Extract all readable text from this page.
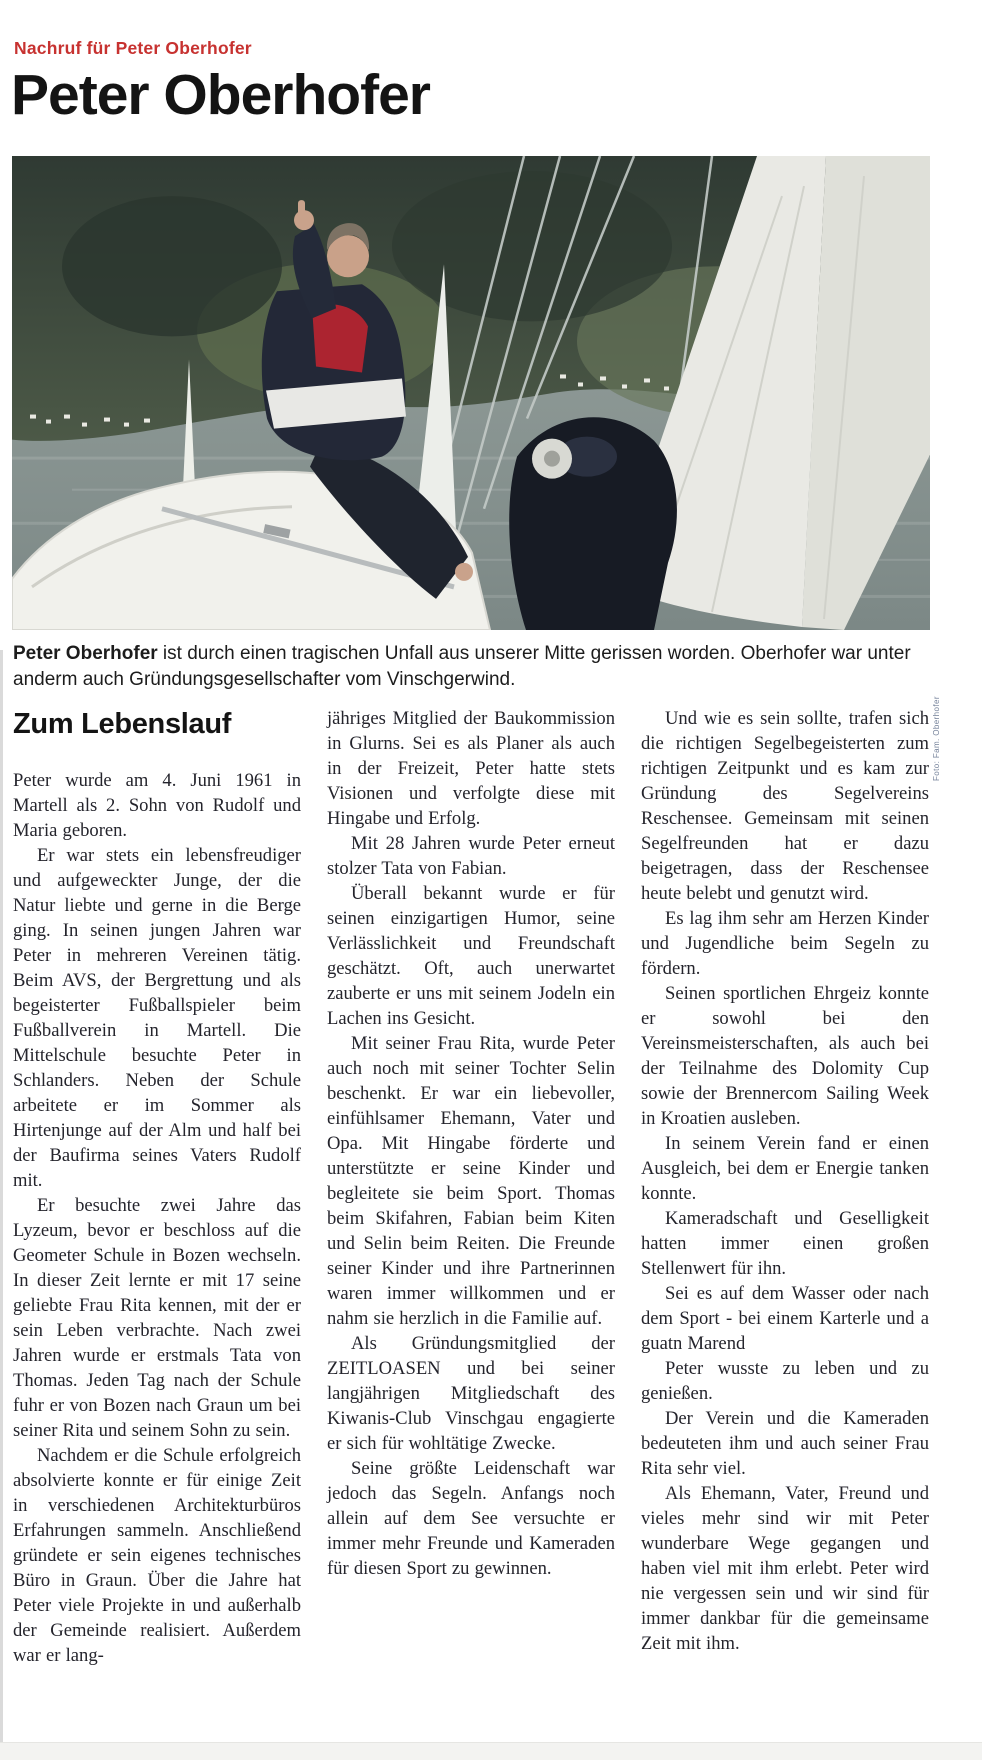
Nachruf für Peter Oberhofer
Peter Oberhofer
Foto: Fam. Oberhofer
Peter Oberhofer ist durch einen tragischen Unfall aus unserer Mitte gerissen worden. Oberhofer war unter anderm auch Gründungsgesellschafter vom Vinschgerwind.
Zum Lebenslauf

Peter wurde am 4. Juni 1961 in Martell als 2. Sohn von Rudolf und Maria geboren.

Er war stets ein lebensfreudiger und aufgeweckter Junge, der die Natur liebte und gerne in die Berge ging. In seinen jungen Jahren war Peter in mehreren Vereinen tätig. Beim AVS, der Bergrettung und als begeisterter Fußballspieler beim Fußballverein in Martell. Die Mittelschule besuchte Peter in Schlanders. Neben der Schule arbeitete er im Sommer als Hirtenjunge auf der Alm und half bei der Baufirma seines Vaters Rudolf mit.

Er besuchte zwei Jahre das Lyzeum, bevor er beschloss auf die Geometer Schule in Bozen wechseln. In dieser Zeit lernte er mit 17 seine geliebte Frau Rita kennen, mit der er sein Leben verbrachte. Nach zwei Jahren wurde er erstmals Tata von Thomas. Jeden Tag nach der Schule fuhr er von Bozen nach Graun um bei seiner Rita und seinem Sohn zu sein.

Nachdem er die Schule erfolgreich absolvierte konnte er für einige Zeit in verschiedenen Architekturbüros Erfahrungen sammeln. Anschließend gründete er sein eigenes technisches Büro in Graun. Über die Jahre hat Peter viele Projekte in und außerhalb der Gemeinde realisiert. Außerdem war er lang-

jähriges Mitglied der Baukommission in Glurns. Sei es als Planer als auch in der Freizeit, Peter hatte stets Visionen und verfolgte diese mit Hingabe und Erfolg.

Mit 28 Jahren wurde Peter erneut stolzer Tata von Fabian.

Überall bekannt wurde er für seinen einzigartigen Humor, seine Verlässlichkeit und Freundschaft geschätzt. Oft, auch unerwartet zauberte er uns mit seinem Jodeln ein Lachen ins Gesicht.

Mit seiner Frau Rita, wurde Peter auch noch mit seiner Tochter Selin beschenkt. Er war ein liebevoller, einfühlsamer Ehemann, Vater und Opa. Mit Hingabe förderte und unterstützte er seine Kinder und begleitete sie beim Sport. Thomas beim Skifahren, Fabian beim Kiten und Selin beim Reiten. Die Freunde seiner Kinder und ihre Partnerinnen waren immer willkommen und er nahm sie herzlich in die Familie auf.

Als Gründungsmitglied der ZEITLOASEN und bei seiner langjährigen Mitgliedschaft des Kiwanis-Club Vinschgau engagierte er sich für wohltätige Zwecke.

Seine größte Leidenschaft war jedoch das Segeln. Anfangs noch allein auf dem See versuchte er immer mehr Freunde und Kameraden für diesen Sport zu gewinnen.

Und wie es sein sollte, trafen sich die richtigen Segelbegeisterten zum richtigen Zeitpunkt und es kam zur Gründung des Segelvereins Reschensee. Gemeinsam mit seinen Segelfreunden hat er dazu beigetragen, dass der Reschensee heute belebt und genutzt wird.

Es lag ihm sehr am Herzen Kinder und Jugendliche beim Segeln zu fördern.

Seinen sportlichen Ehrgeiz konnte er sowohl bei den Vereinsmeisterschaften, als auch bei der Teilnahme des Dolomity Cup sowie der Brennercom Sailing Week in Kroatien ausleben.

In seinem Verein fand er einen Ausgleich, bei dem er Energie tanken konnte.

Kameradschaft und Geselligkeit hatten immer einen großen Stellenwert für ihn.

Sei es auf dem Wasser oder nach dem Sport - bei einem Karterle und a guatn Marend

Peter wusste zu leben und zu genießen.

Der Verein und die Kameraden bedeuteten ihm und auch seiner Frau Rita sehr viel.

Als Ehemann, Vater, Freund und vieles mehr sind wir mit Peter wunderbare Wege gegangen und haben viel mit ihm erlebt. Peter wird nie vergessen sein und wir sind für immer dankbar für die gemeinsame Zeit mit ihm.
